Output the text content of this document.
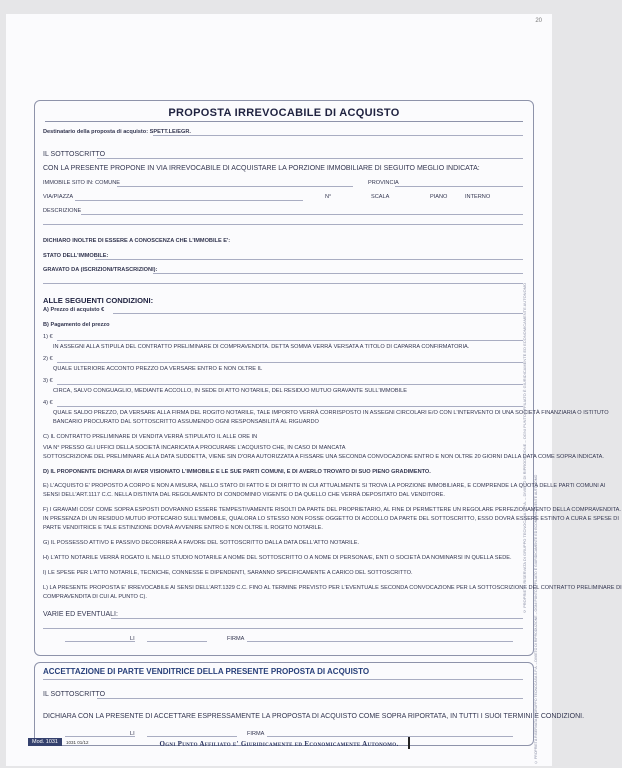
20
PROPOSTA IRREVOCABILE DI ACQUISTO
Destinatario della proposta di acquisto: SPETT.LE/EGR.
IL SOTTOSCRITTO
CON LA PRESENTE PROPONE IN VIA IRREVOCABILE DI ACQUISTARE LA PORZIONE IMMOBILIARE DI SEGUITO MEGLIO INDICATA:
IMMOBILE SITO IN: COMUNE	PROVINCIA
VIA/PIAZZA	N°	SCALA	PIANO	INTERNO
DESCRIZIONE
DICHIARO INOLTRE DI ESSERE A CONOSCENZA CHE L'IMMOBILE E':
STATO DELL'IMMOBILE:
GRAVATO DA (ISCRIZIONI/TRASCRIZIONI):
ALLE SEGUENTI CONDIZIONI:
A) Prezzo di acquisto €
B) Pagamento del prezzo
1) €
IN ASSEGNI ALLA STIPULA DEL CONTRATTO PRELIMINARE DI COMPRAVENDITA. DETTA SOMMA VERRÀ VERSATA A TITOLO DI CAPARRA CONFIRMATORIA.
2) €
QUALE ULTERIORE ACCONTO PREZZO DA VERSARE ENTRO E NON OLTRE IL
3) €
CIRCA, SALVO CONGUAGLIO, MEDIANTE ACCOLLO, IN SEDE DI ATTO NOTARILE, DEL RESIDUO MUTUO GRAVANTE SULL'IMMOBILE
4) €
QUALE SALDO PREZZO, DA VERSARE ALLA FIRMA DEL ROGITO NOTARILE, TALE IMPORTO VERRÀ CORRISPOSTO IN ASSEGNI CIRCOLARI E/O CON L'INTERVENTO DI UNA SOCIETÀ FINANZIARIA O ISTITUTO
BANCARIO PROCURATO DAL SOTTOSCRITTO ASSUMENDO OGNI RESPONSABILITÀ AL RIGUARDO
C) IL CONTRATTO PRELIMINARE DI VENDITA VERRÀ STIPULATO IL ALLE ORE IN
VIA N° PRESSO GLI UFFICI DELLA SOCIETÀ INCARICATA A PROCURARE L'ACQUISTO CHE, IN CASO DI MANCATA
SOTTOSCRIZIONE DEL PRELIMINARE ALLA DATA SUDDETTA, VIENE SIN D'ORA AUTORIZZATA A FISSARE UNA SECONDA CONVOCAZIONE ENTRO E NON OLTRE 20 GIORNI DALLA DATA COME SOPRA INDICATA.
D) IL PROPONENTE DICHIARA DI AVER VISIONATO L'IMMOBILE E LE SUE PARTI COMUNI, E DI AVERLO TROVATO DI SUO PIENO GRADIMENTO.
E) L'ACQUISTO E' PROPOSTO A CORPO E NON A MISURA, NELLO STATO DI FATTO E DI DIRITTO IN CUI ATTUALMENTE SI TROVA LA PORZIONE IMMOBILIARE, E COMPRENDE LA QUOTA DELLE PARTI COMUNI AI
SENSI DELL'ART.1117 C.C. NELLA DISTINTA DAL REGOLAMENTO DI CONDOMINIO VIGENTE O DA QUELLO CHE VERRÀ DEPOSITATO DAL VENDITORE.
F) I GRAVAMI COSI' COME SOPRA ESPOSTI DOVRANNO ESSERE TEMPESTIVAMENTE RISOLTI DA PARTE DEL PROPRIETARIO, AL FINE DI PERMETTERE UN REGOLARE PERFEZIONAMENTO DELLA COMPRAVENDITA.
IN PRESENZA DI UN RESIDUO MUTUO IPOTECARIO SULL'IMMOBILE, QUALORA LO STESSO NON FOSSE OGGETTO DI ACCOLLO DA PARTE DEL SOTTOSCRITTO, ESSO DOVRÀ ESSERE ESTINTO A CURA E SPESE DI
PARTE VENDITRICE E TALE ESTINZIONE DOVRÀ AVVENIRE ENTRO E NON OLTRE IL ROGITO NOTARILE.
G) IL POSSESSO ATTIVO E PASSIVO DECORRERÀ A FAVORE DEL SOTTOSCRITTO DALLA DATA DELL'ATTO NOTARILE.
H) L'ATTO NOTARILE VERRÀ ROGATO IL NELLO STUDIO NOTARILE A NOME DEL SOTTOSCRITTO O A NOME DI PERSONA/E, ENTI O SOCIETÀ DA NOMINARSI IN QUELLA SEDE.
I) LE SPESE PER L'ATTO NOTARILE, TECNICHE, CONNESSE E DIPENDENTI, SARANNO SPECIFICAMENTE A CARICO DEL SOTTOSCRITTO.
L) LA PRESENTE PROPOSTA E' IRREVOCABILE AI SENSI DELL'ART.1329 C.C. FINO AL TERMINE PREVISTO PER L'EVENTUALE SECONDA CONVOCAZIONE PER LA SOTTOSCRIZIONE DEL CONTRATTO PRELIMINARE DI
COMPRAVENDITA DI CUI AL PUNTO C).
VARIE ED EVENTUALI:
LI	FIRMA
ACCETTAZIONE DI PARTE VENDITRICE DELLA PRESENTE PROPOSTA DI ACQUISTO
IL SOTTOSCRITTO
DICHIARA CON LA PRESENTE DI ACCETTARE ESPRESSAMENTE LA PROPOSTA DI ACQUISTO COME SOPRA RIPORTATA, IN TUTTI I SUOI TERMINI E CONDIZIONI.
LI	FIRMA
© PROPRIETÀ RISERVATA DI GRUPPO TECNOCASA S.P.A. – DIVIETO DI RIPRODUZIONE – OGNI PUNTO AFFILIATO È GIURIDICAMENTE ED ECONOMICAMENTE AUTONOMO
© PROPRIETÀ RISERVATA DI GRUPPO TECNOCASA S.P.A. – DIVIETO DI RIPRODUZIONE – OGNI PUNTO AFFILIATO È GIURIDICAMENTE ED ECONOMICAMENTE AUTONOMO
Mod. 1031	1031 01/12	Ogni Punto Affiliato e' Giuridicamente ed Economicamente Autonomo.
